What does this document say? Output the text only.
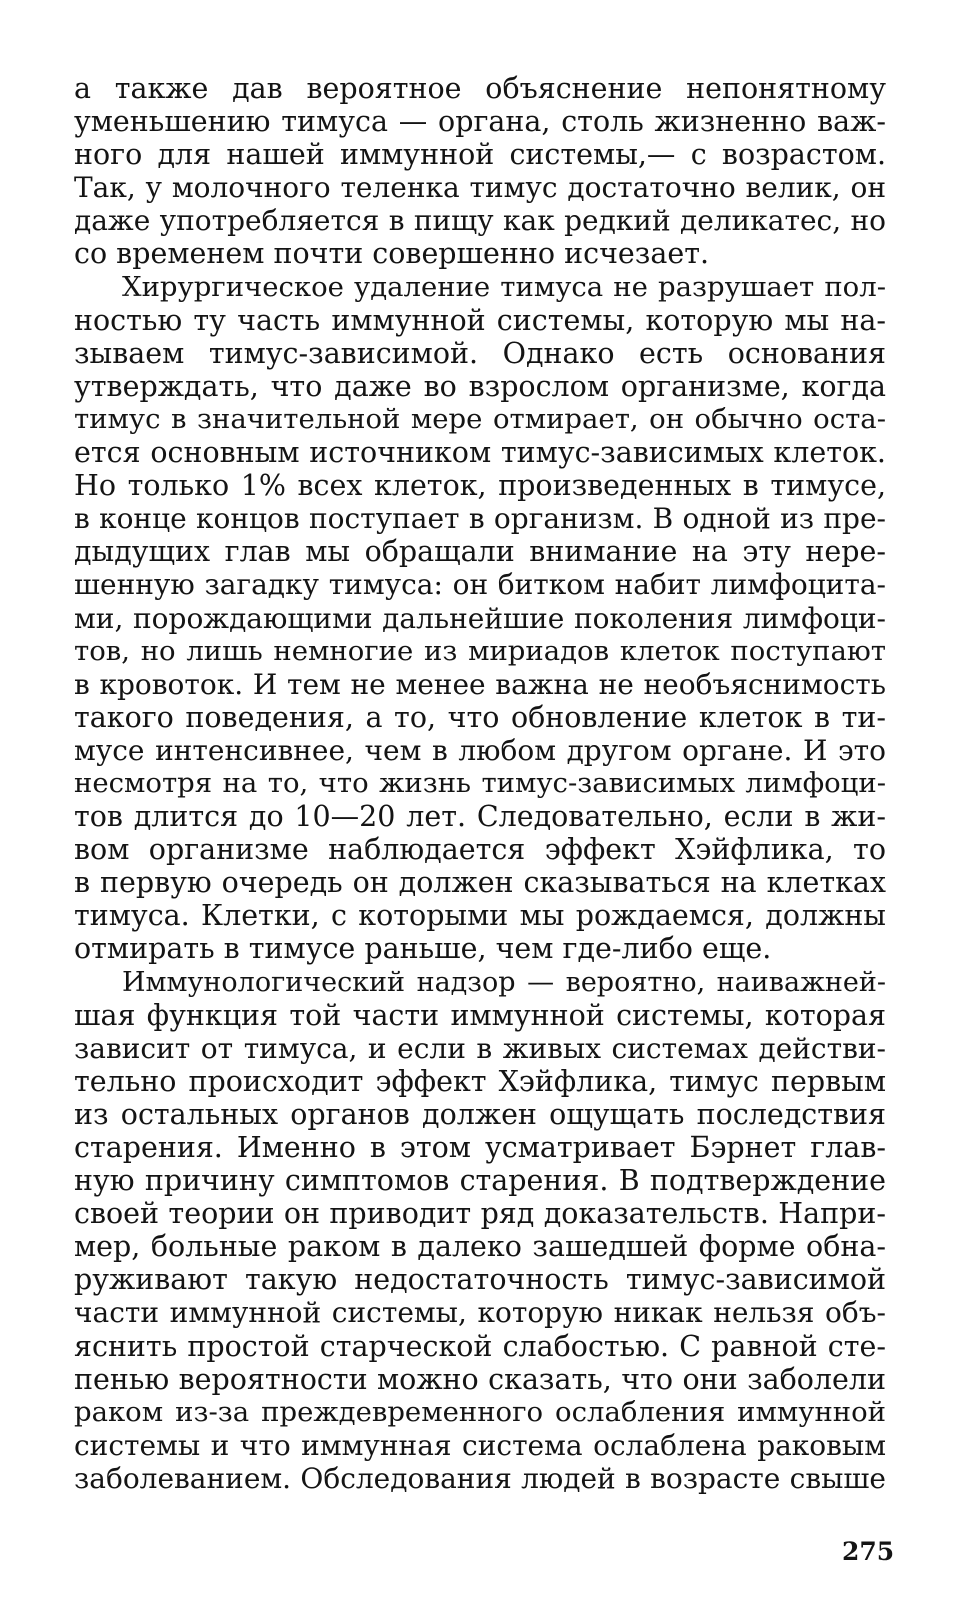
а также дав вероятное объяснение непонятному
уменьшению тимуса — органа, столь жизненно важ-
ного для нашей иммунной системы,— с возрастом.
Так, у молочного теленка тимус достаточно велик, он
даже употребляется в пищу как редкий деликатес, но
со временем почти совершенно исчезает.
Хирургическое удаление тимуса не разрушает пол-
ностью ту часть иммунной системы, которую мы на-
зываем тимус-зависимой. Однако есть основания
утверждать, что даже во взрослом организме, когда
тимус в значительной мере отмирает, он обычно оста-
ется основным источником тимус-зависимых клеток.
Но только 1% всех клеток, произведенных в тимусе,
в конце концов поступает в организм. В одной из пре-
дыдущих глав мы обращали внимание на эту нере-
шенную загадку тимуса: он битком набит лимфоцита-
ми, порождающими дальнейшие поколения лимфоци-
тов, но лишь немногие из мириадов клеток поступают
в кровоток. И тем не менее важна не необъяснимость
такого поведения, а то, что обновление клеток в ти-
мусе интенсивнее, чем в любом другом органе. И это
несмотря на то, что жизнь тимус-зависимых лимфоци-
тов длится до 10—20 лет. Следовательно, если в жи-
вом организме наблюдается эффект Хэйфлика, то
в первую очередь он должен сказываться на клетках
тимуса. Клетки, с которыми мы рождаемся, должны
отмирать в тимусе раньше, чем где-либо еще.
Иммунологический надзор — вероятно, наиважней-
шая функция той части иммунной системы, которая
зависит от тимуса, и если в живых системах действи-
тельно происходит эффект Хэйфлика, тимус первым
из остальных органов должен ощущать последствия
старения. Именно в этом усматривает Бэрнет глав-
ную причину симптомов старения. В подтверждение
своей теории он приводит ряд доказательств. Напри-
мер, больные раком в далеко зашедшей форме обна-
руживают такую недостаточность тимус-зависимой
части иммунной системы, которую никак нельзя объ-
яснить простой старческой слабостью. С равной сте-
пенью вероятности можно сказать, что они заболели
раком из-за преждевременного ослабления иммунной
системы и что иммунная система ослаблена раковым
заболеванием. Обследования людей в возрасте свыше
275
